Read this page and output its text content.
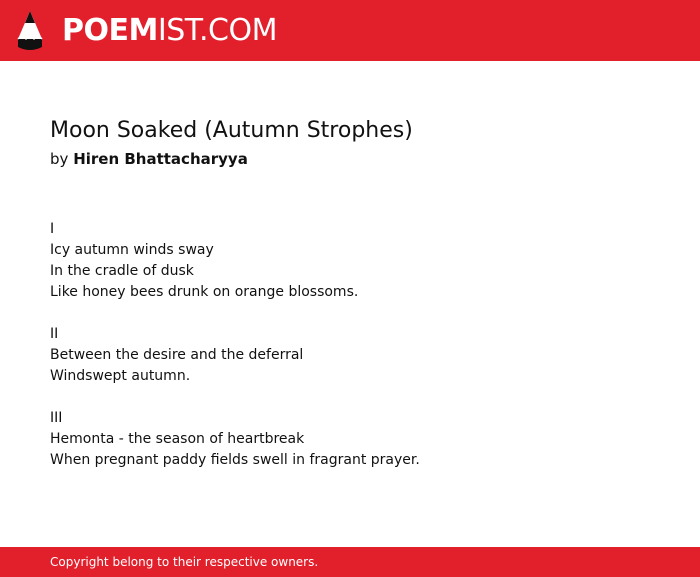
POEMIST.COM
Moon Soaked (Autumn Strophes)
by Hiren Bhattacharyya
I
Icy autumn winds sway
In the cradle of dusk
Like honey bees drunk on orange blossoms.
II
Between the desire and the deferral
Windswept autumn.
III
Hemonta - the season of heartbreak
When pregnant paddy fields swell in fragrant prayer.
Copyright belong to their respective owners.
